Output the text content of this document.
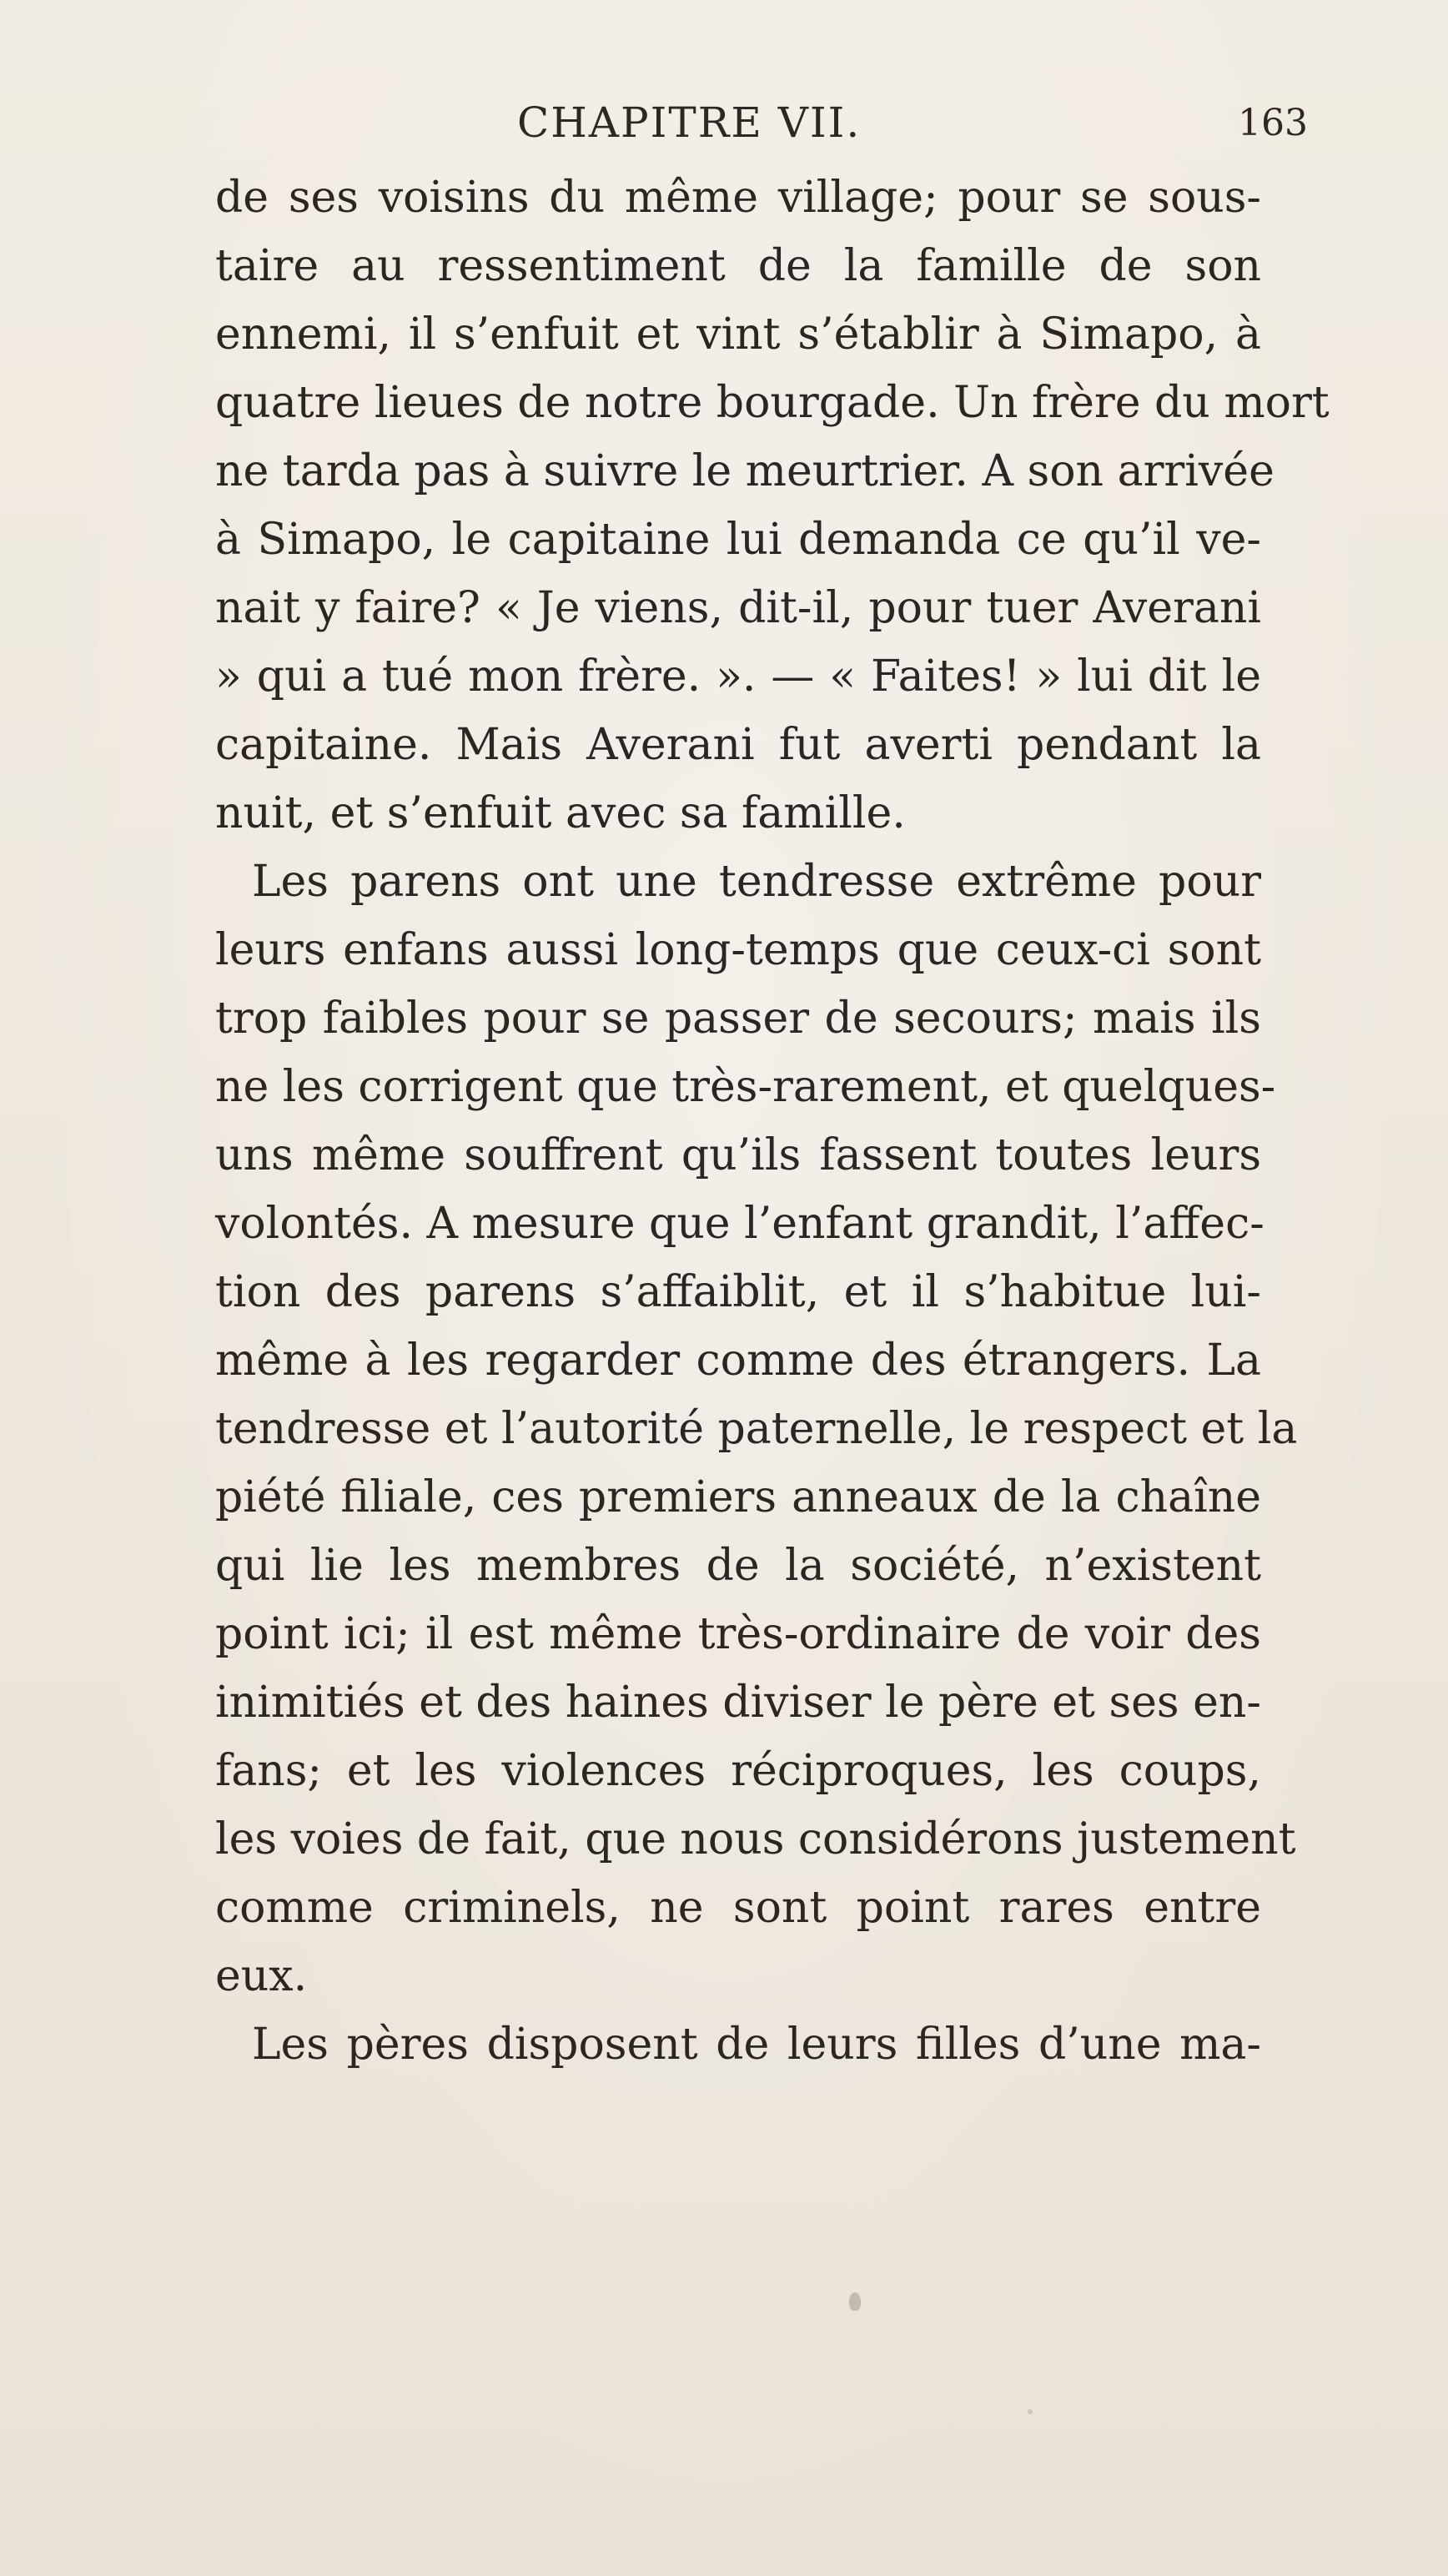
CHAPITRE VII.	163
de ses voisins du même village; pour se sous-
taire au ressentiment de la famille de son
ennemi, il s’enfuit et vint s’établir à Simapo, à
quatre lieues de notre bourgade. Un frère du mort
ne tarda pas à suivre le meurtrier. A son arrivée
à Simapo, le capitaine lui demanda ce qu’il ve-
nait y faire? « Je viens, dit-il, pour tuer Averani
» qui a tué mon frère. ». — « Faites! » lui dit le
capitaine. Mais Averani fut averti pendant la
nuit, et s’enfuit avec sa famille.
Les parens ont une tendresse extrême pour
leurs enfans aussi long-temps que ceux-ci sont
trop faibles pour se passer de secours; mais ils
ne les corrigent que très-rarement, et quelques-
uns même souffrent qu’ils fassent toutes leurs
volontés. A mesure que l’enfant grandit, l’affec-
tion des parens s’affaiblit, et il s’habitue lui-
même à les regarder comme des étrangers. La
tendresse et l’autorité paternelle, le respect et la
piété filiale, ces premiers anneaux de la chaîne
qui lie les membres de la société, n’existent
point ici; il est même très-ordinaire de voir des
inimitiés et des haines diviser le père et ses en-
fans; et les violences réciproques, les coups,
les voies de fait, que nous considérons justement
comme criminels, ne sont point rares entre
eux.
Les pères disposent de leurs filles d’une ma-
